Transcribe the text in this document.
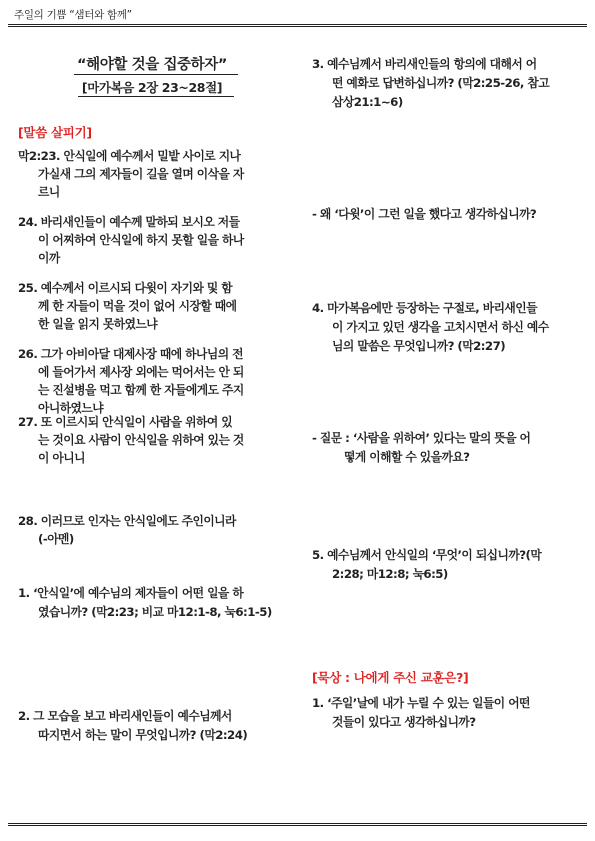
주일의 기쁨 “샘터와 함께”
“해야할 것을 집중하자”
[마가복음 2장 23~28절]
[말씀 살피기]
막2:23. 안식일에 예수께서 밀밭 사이로 지나
가실새 그의 제자들이 길을 열며 이삭을 자
르니
24. 바리새인들이 예수께 말하되 보시오 저들
이 어찌하여 안식일에 하지 못할 일을 하나
이까
25. 예수께서 이르시되 다윗이 자기와 및 함
께 한 자들이 먹을 것이 없어 시장할 때에
한 일을 읽지 못하였느냐
26. 그가 아비아달 대제사장 때에 하나님의 전
에 들어가서 제사장 외에는 먹어서는 안 되
는 진설병을 먹고 함께 한 자들에게도 주지
아니하였느냐
27. 또 이르시되 안식일이 사람을 위하여 있
는 것이요 사람이 안식일을 위하여 있는 것
이 아니니
28. 이러므로 인자는 안식일에도 주인이니라
(-아멘)
1. ‘안식일’에 예수님의 제자들이 어떤 일을 하
였습니까? (막2:23; 비교 마12:1-8, 눅6:1-5)
2. 그 모습을 보고 바리새인들이 예수님께서
따지면서 하는 말이 무엇입니까? (막2:24)
3. 예수님께서 바리새인들의 항의에 대해서 어
떤 예화로 답변하십니까? (막2:25-26, 참고
삼상21:1~6)
- 왜 ‘다윗’이 그런 일을 했다고 생각하십니까?
4. 마가복음에만 등장하는 구절로, 바리새인들
이 가지고 있던 생각을 고치시면서 하신 예수
님의 말씀은 무엇입니까? (막2:27)
- 질문 : ‘사람을 위하여’ 있다는 말의 뜻을 어
떻게 이해할 수 있을까요?
5. 예수님께서 안식일의 ‘무엇’이 되십니까?(막
2:28; 마12:8; 눅6:5)
[묵상 : 나에게 주신 교훈은?]
1. ‘주일’날에 내가 누릴 수 있는 일들이 어떤
것들이 있다고 생각하십니까?
